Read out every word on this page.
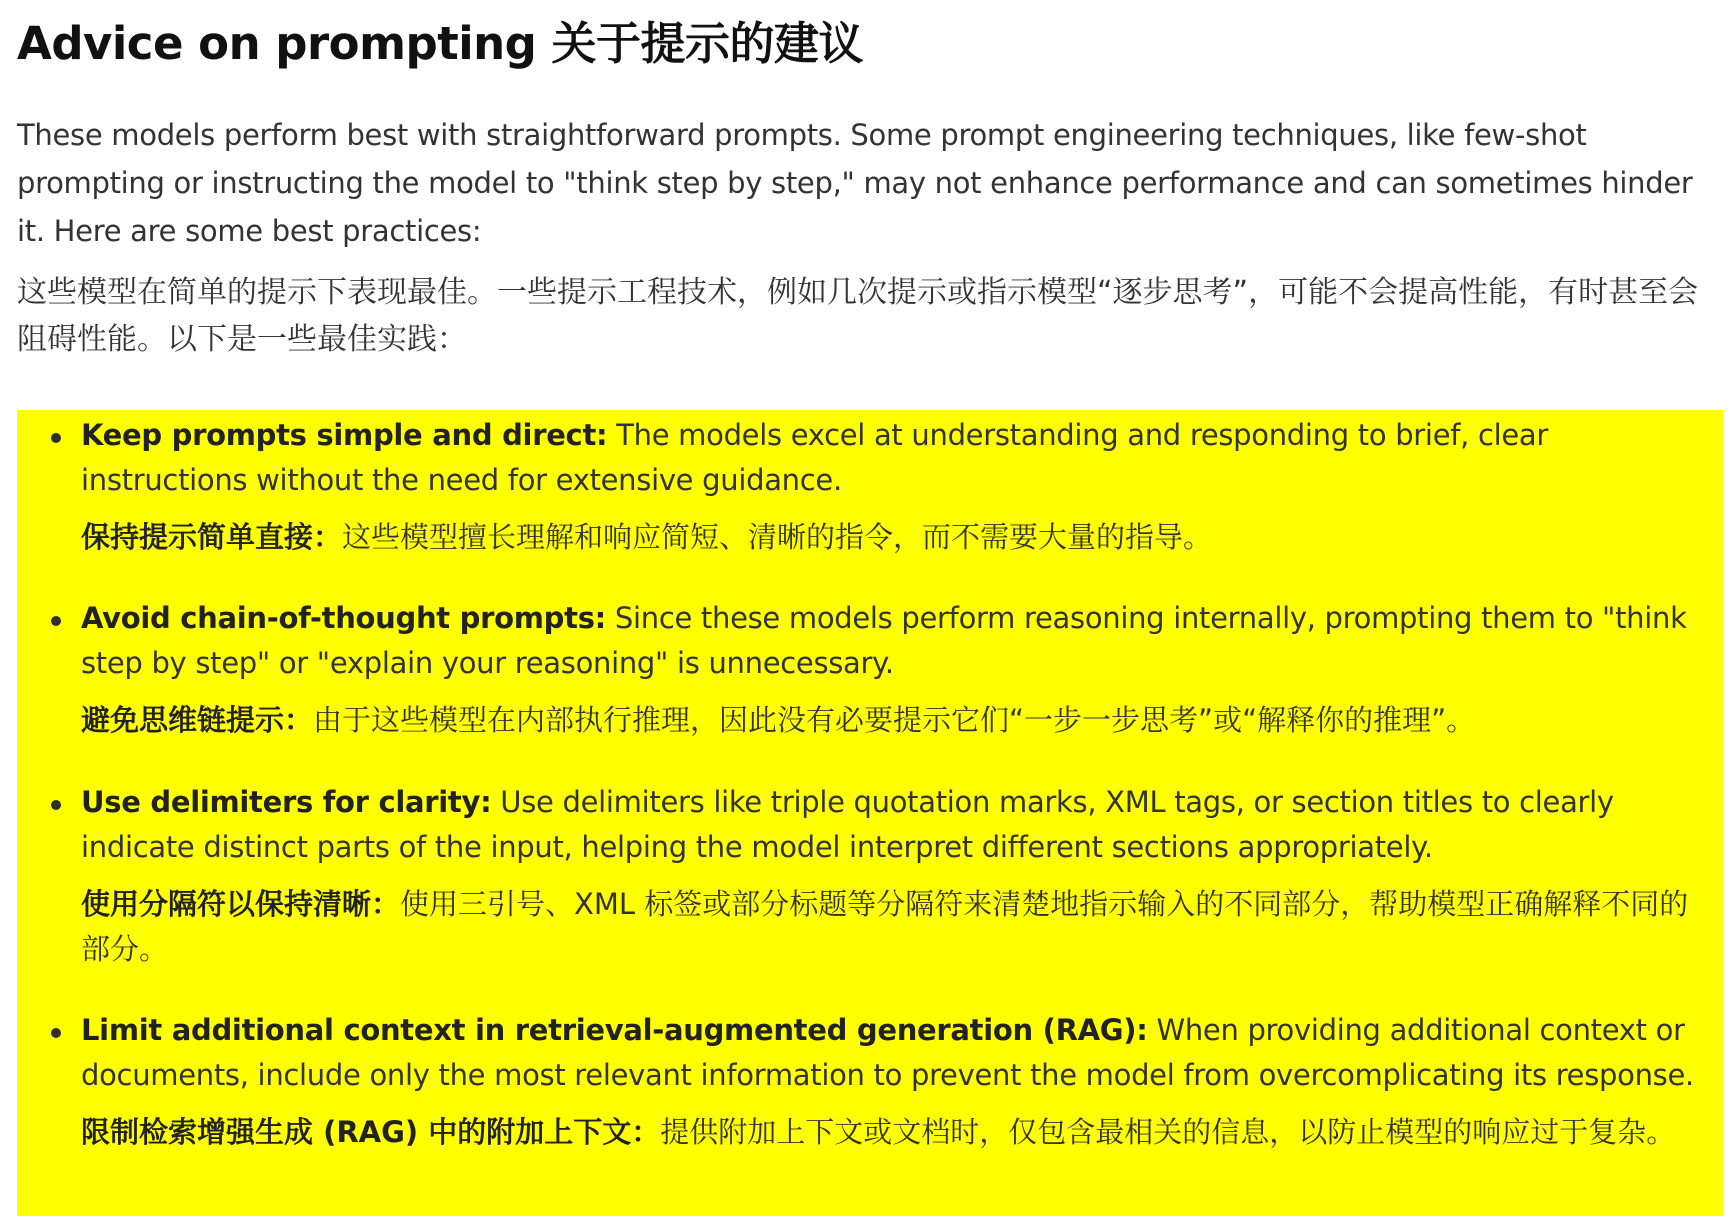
Advice on prompting 关于提示的建议

These models perform best with straightforward prompts. Some prompt engineering techniques, like few-shot prompting or instructing the model to "think step by step," may not enhance performance and can sometimes hinder it. Here are some best practices:

这些模型在简单的提示下表现最佳。一些提示工程技术，例如几次提示或指示模型“逐步思考”，可能不会提高性能，有时甚至会阻碍性能。以下是一些最佳实践：

Keep prompts simple and direct: The models excel at understanding and responding to brief, clear instructions without the need for extensive guidance.

保持提示简单直接：这些模型擅长理解和响应简短、清晰的指令，而不需要大量的指导。

Avoid chain-of-thought prompts: Since these models perform reasoning internally, prompting them to "think step by step" or "explain your reasoning" is unnecessary.

避免思维链提示：由于这些模型在内部执行推理，因此没有必要提示它们“一步一步思考”或“解释你的推理”。

Use delimiters for clarity: Use delimiters like triple quotation marks, XML tags, or section titles to clearly indicate distinct parts of the input, helping the model interpret different sections appropriately.

使用分隔符以保持清晰：使用三引号、XML 标签或部分标题等分隔符来清楚地指示输入的不同部分，帮助模型正确解释不同的部分。

Limit additional context in retrieval-augmented generation (RAG): When providing additional context or documents, include only the most relevant information to prevent the model from overcomplicating its response.

限制检索增强生成 (RAG) 中的附加上下文：提供附加上下文或文档时，仅包含最相关的信息，以防止模型的响应过于复杂。
